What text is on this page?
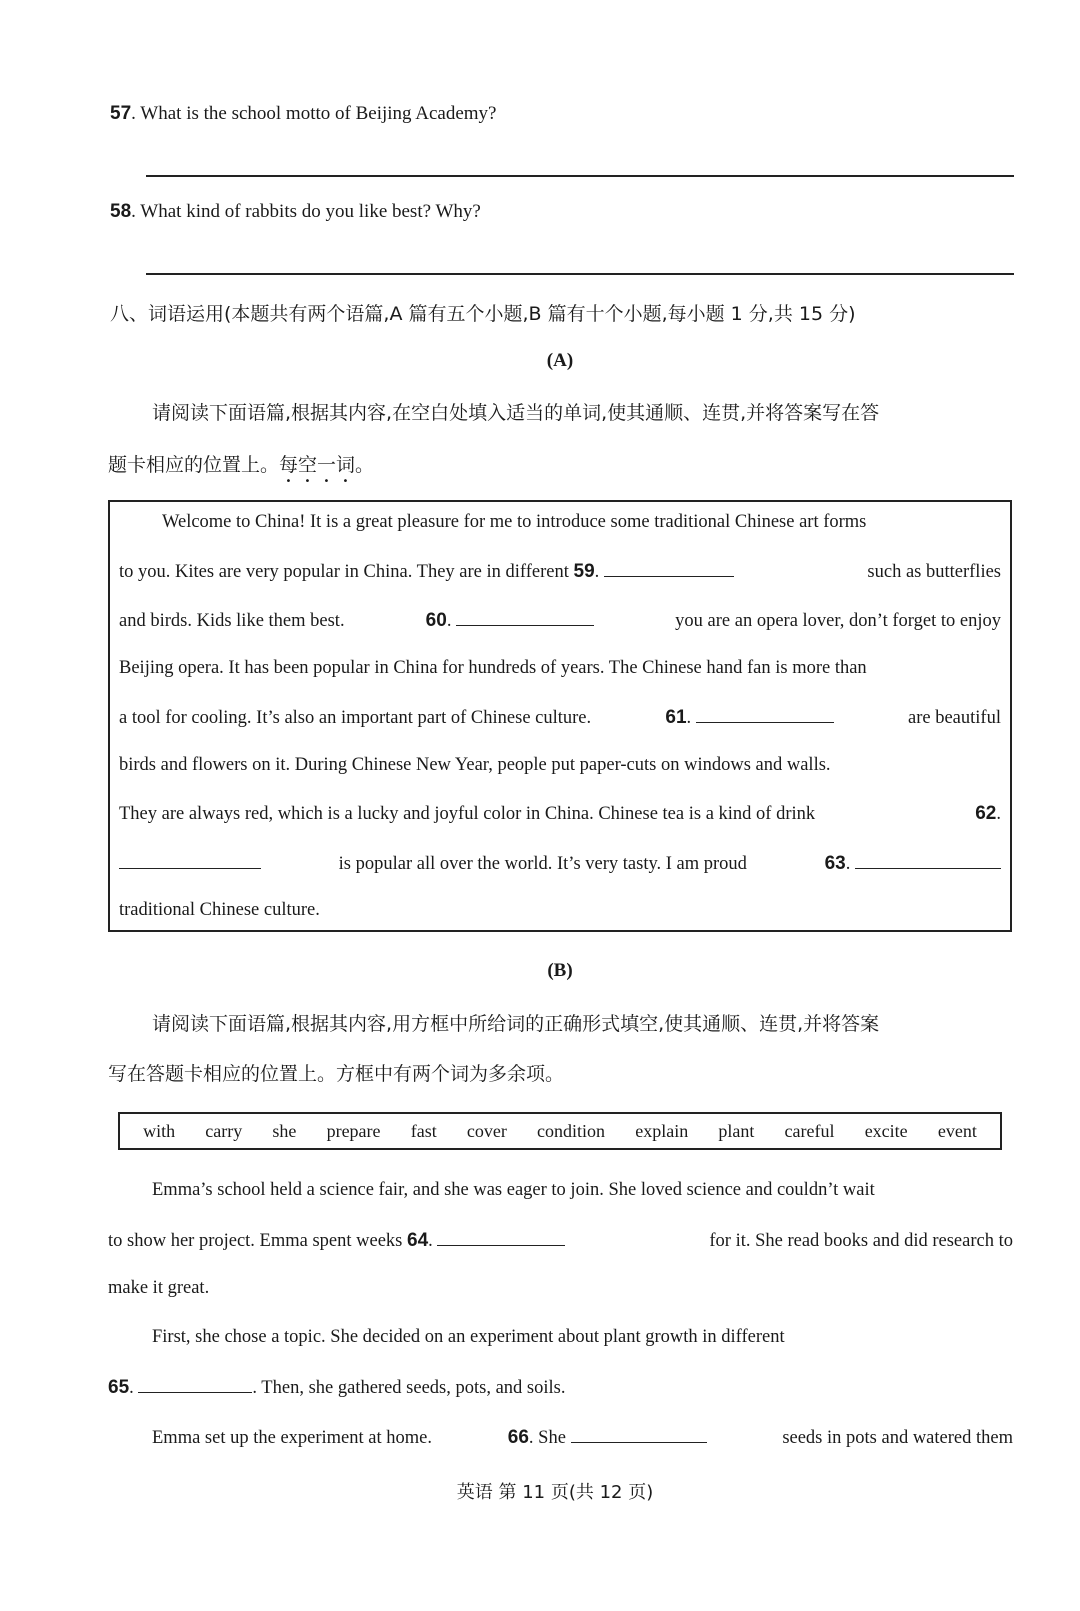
57. What is the school motto of Beijing Academy?
58. What kind of rabbits do you like best? Why?
八、词语运用(本题共有两个语篇,A 篇有五个小题,B 篇有十个小题,每小题 1 分,共 15 分)
(A)
请阅读下面语篇,根据其内容,在空白处填入适当的单词,使其通顺、连贯,并将答案写在答
题卡相应的位置上。每空一词。
Welcome to China! It is a great pleasure for me to introduce some traditional Chinese art forms
to you. Kites are very popular in China. They are in different 59.	such as butterflies
and birds. Kids like them best.	60.	you are an opera lover, don’t forget to enjoy
Beijing opera. It has been popular in China for hundreds of years. The Chinese hand fan is more than
a tool for cooling. It’s also an important part of Chinese culture.	61.	are beautiful
birds and flowers on it. During Chinese New Year, people put paper-cuts on windows and walls.
They are always red, which is a lucky and joyful color in China. Chinese tea is a kind of drink	62.
is popular all over the world. It’s very tasty. I am proud	63.
traditional Chinese culture.
(B)
请阅读下面语篇,根据其内容,用方框中所给词的正确形式填空,使其通顺、连贯,并将答案
写在答题卡相应的位置上。方框中有两个词为多余项。
with carry she prepare fast cover condition explain plant careful excite event
Emma’s school held a science fair, and she was eager to join. She loved science and couldn’t wait
to show her project. Emma spent weeks 64.	for it. She read books and did research to
make it great.
First, she chose a topic. She decided on an experiment about plant growth in different
65 .	. Then, she gathered seeds, pots, and soils.
Emma set up the experiment at home.	66. She	seeds in pots and watered them
英语 第 11 页(共 12 页)
